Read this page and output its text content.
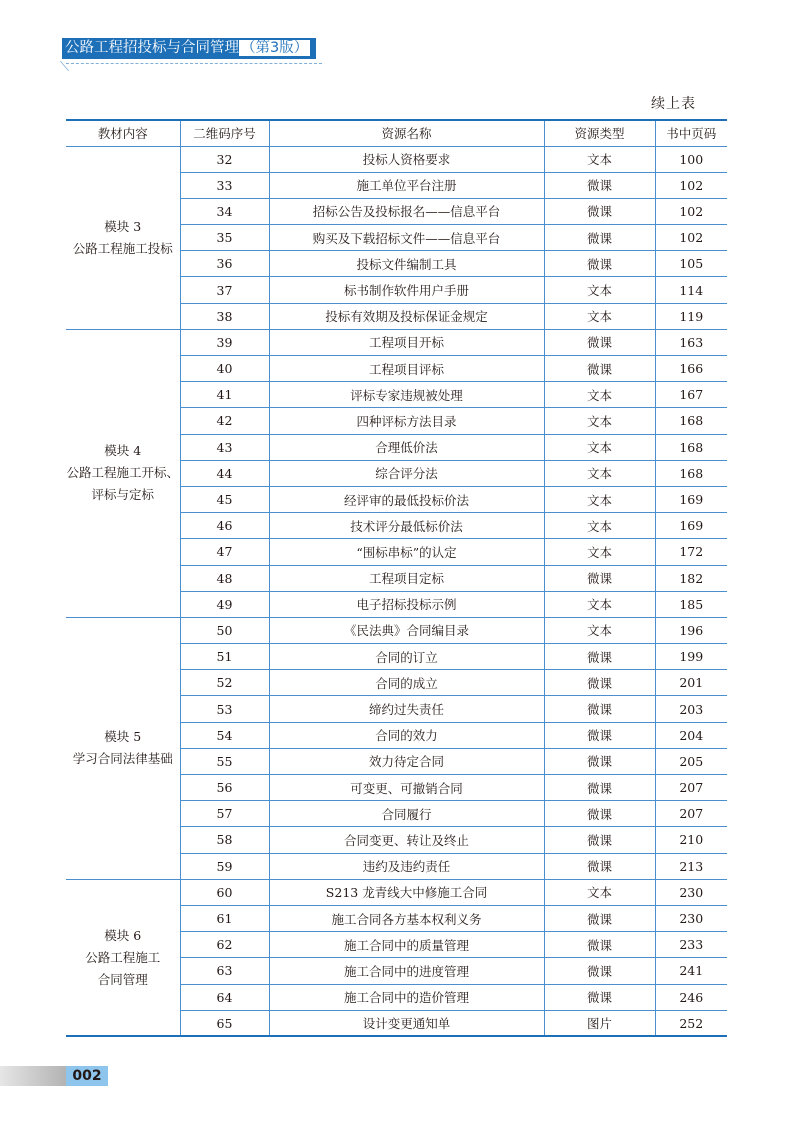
公路工程招投标与合同管理 （第3版）
续上表
教材内容	二维码序号	资源名称	资源类型	书中页码

模块 3
公路工程施工投标	32	投标人资格要求	文本	100
	33	施工单位平台注册	微课	102
	34	招标公告及投标报名——信息平台	微课	102
	35	购买及下载招标文件——信息平台	微课	102
	36	投标文件编制工具	微课	105
	37	标书制作软件用户手册	文本	114
	38	投标有效期及投标保证金规定	文本	119

模块 4
公路工程施工开标、
评标与定标	39	工程项目开标	微课	163
	40	工程项目评标	微课	166
	41	评标专家违规被处理	文本	167
	42	四种评标方法目录	文本	168
	43	合理低价法	文本	168
	44	综合评分法	文本	168
	45	经评审的最低投标价法	文本	169
	46	技术评分最低标价法	文本	169
	47	“围标串标”的认定	文本	172
	48	工程项目定标	微课	182
	49	电子招标投标示例	文本	185

模块 5
学习合同法律基础	50	《民法典》合同编目录	文本	196
	51	合同的订立	微课	199
	52	合同的成立	微课	201
	53	缔约过失责任	微课	203
	54	合同的效力	微课	204
	55	效力待定合同	微课	205
	56	可变更、可撤销合同	微课	207
	57	合同履行	微课	207
	58	合同变更、转让及终止	微课	210
	59	违约及违约责任	微课	213

模块 6
公路工程施工
合同管理	60	S213 龙青线大中修施工合同	文本	230
	61	施工合同各方基本权利义务	微课	230
	62	施工合同中的质量管理	微课	233
	63	施工合同中的进度管理	微课	241
	64	施工合同中的造价管理	微课	246
	65	设计变更通知单	图片	252
002
